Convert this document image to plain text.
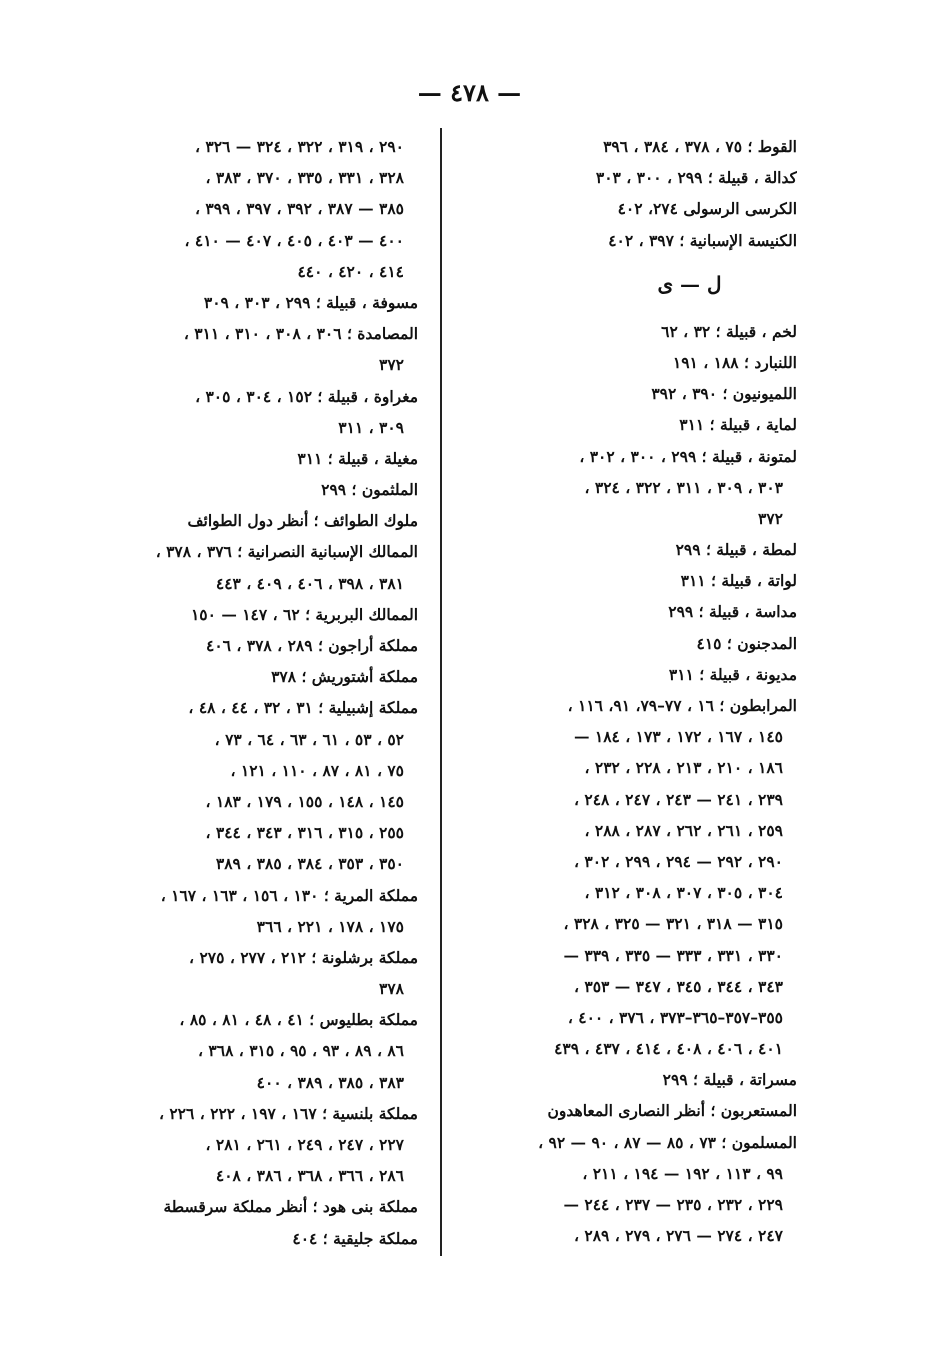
— ٤٧٨ —
القوط ؛ ٧٥ ، ٣٧٨ ، ٣٨٤ ، ٣٩٦
كدالة ، قبيلة ؛ ٢٩٩ ، ٣٠٠ ، ٣٠٣
الكرسى الرسولى ٢٧٤، ٤٠٢
الكنيسة الإسبانية ؛ ٣٩٧ ، ٤٠٢
ل — ى
لخم ، قبيلة ؛ ٣٢ ، ٦٢
اللنبارد ؛ ١٨٨ ، ١٩١
اللميونيون ؛ ٣٩٠ ، ٣٩٢
لماية ، قبيلة ؛ ٣١١
لمتونة ، قبيلة ؛ ٢٩٩ ، ٣٠٠ ، ٣٠٢ ،
٣٠٣ ، ٣٠٩ ، ٣١١ ، ٣٢٢ ، ٣٢٤ ،
٣٧٢
لمطة ، قبيلة ؛ ٢٩٩
لواتة ، قبيلة ؛ ٣١١
مداسة ، قبيلة ؛ ٢٩٩
المدجنون ؛ ٤١٥
مديونة ، قبيلة ؛ ٣١١
المرابطون ؛ ١٦ ، ٧٧–٧٩، ٩١، ١١٦ ،
١٤٥ ، ١٦٧ ، ١٧٢ ، ١٧٣ ، ١٨٤ —
١٨٦ ، ٢١٠ ، ٢١٣ ، ٢٢٨ ، ٢٣٢ ،
٢٣٩ ، ٢٤١ — ٢٤٣ ، ٢٤٧ ، ٢٤٨ ،
٢٥٩ ، ٢٦١ ، ٢٦٢ ، ٢٨٧ ، ٢٨٨ ،
٢٩٠ ، ٢٩٢ — ٢٩٤ ، ٢٩٩ ، ٣٠٢ ،
٣٠٤ ، ٣٠٥ ، ٣٠٧ ، ٣٠٨ ، ٣١٢ ،
٣١٥ — ٣١٨ ، ٣٢١ — ٣٢٥ ، ٣٢٨ ،
٣٣٠ ، ٣٣١ ، ٣٣٣ — ٣٣٥ ، ٣٣٩ —
٣٤٣ ، ٣٤٤ ، ٣٤٥ ، ٣٤٧ — ٣٥٣ ،
٣٥٥–٣٥٧–٣٦٥–٣٧٣ ، ٣٧٦ ، ٤٠٠ ،
٤٠١ ، ٤٠٦ ، ٤٠٨ ، ٤١٤ ، ٤٣٧ ، ٤٣٩
مسراتة ، قبيلة ؛ ٢٩٩
المستعربون ؛ أنظر النصارى المعاهدون
المسلمون ؛ ٧٣ ، ٨٥ — ٨٧ ، ٩٠ — ٩٢ ،
٩٩ ، ١١٣ ، ١٩٢ — ١٩٤ ، ٢١١ ،
٢٢٩ ، ٢٣٢ ، ٢٣٥ — ٢٣٧ ، ٢٤٤ —
٢٤٧ ، ٢٧٤ — ٢٧٦ ، ٢٧٩ ، ٢٨٩ ،
٢٩٠ ، ٣١٩ ، ٣٢٢ ، ٣٢٤ — ٣٢٦ ،
٣٢٨ ، ٣٣١ ، ٣٣٥ ، ٣٧٠ ، ٣٨٣ ،
٣٨٥ — ٣٨٧ ، ٣٩٢ ، ٣٩٧ ، ٣٩٩ ،
٤٠٠ — ٤٠٣ ، ٤٠٥ ، ٤٠٧ — ٤١٠ ،
٤١٤ ، ٤٢٠ ، ٤٤٠
مسوفة ، قبيلة ؛ ٢٩٩ ، ٣٠٣ ، ٣٠٩
المصامدة ؛ ٣٠٦ ، ٣٠٨ ، ٣١٠ ، ٣١١ ،
٣٧٢
مغراوة ، قبيلة ؛ ١٥٢ ، ٣٠٤ ، ٣٠٥ ،
٣٠٩ ، ٣١١
مغيلة ، قبيلة ؛ ٣١١
الملثمون ؛ ٢٩٩
ملوك الطوائف ؛ أنظر دول الطوائف
الممالك الإسبانية النصرانية ؛ ٣٧٦ ، ٣٧٨ ،
٣٨١ ، ٣٩٨ ، ٤٠٦ ، ٤٠٩ ، ٤٤٣
الممالك البربرية ؛ ٦٢ ، ١٤٧ — ١٥٠
مملكة أراجون ؛ ٢٨٩ ، ٣٧٨ ، ٤٠٦
مملكة أشتوريش ؛ ٣٧٨
مملكة إشبيلية ؛ ٣١ ، ٣٢ ، ٤٤ ، ٤٨ ،
٥٢ ، ٥٣ ، ٦١ ، ٦٣ ، ٦٤ ، ٧٣ ،
٧٥ ، ٨١ ، ٨٧ ، ١١٠ ، ١٢١ ،
١٤٥ ، ١٤٨ ، ١٥٥ ، ١٧٩ ، ١٨٣ ،
٢٥٥ ، ٣١٥ ، ٣١٦ ، ٣٤٣ ، ٣٤٤ ،
٣٥٠ ، ٣٥٣ ، ٣٨٤ ، ٣٨٥ ، ٣٨٩
مملكة المرية ؛ ١٣٠ ، ١٥٦ ، ١٦٣ ، ١٦٧ ،
١٧٥ ، ١٧٨ ، ٢٢١ ، ٣٦٦
مملكة برشلونة ؛ ٢١٢ ، ٢٧٧ ، ٢٧٥ ،
٣٧٨
مملكة بطليوس ؛ ٤١ ، ٤٨ ، ٨١ ، ٨٥ ،
٨٦ ، ٨٩ ، ٩٣ ، ٩٥ ، ٣١٥ ، ٣٦٨ ،
٣٨٣ ، ٣٨٥ ، ٣٨٩ ، ٤٠٠
مملكة بلنسية ؛ ١٦٧ ، ١٩٧ ، ٢٢٢ ، ٢٢٦ ،
٢٢٧ ، ٢٤٧ ، ٢٤٩ ، ٢٦١ ، ٢٨١ ،
٢٨٦ ، ٣٦٦ ، ٣٦٨ ، ٣٨٦ ، ٤٠٨
مملكة بنى هود ؛ أنظر مملكة سرقسطة
مملكة جليقية ؛ ٤٠٤
